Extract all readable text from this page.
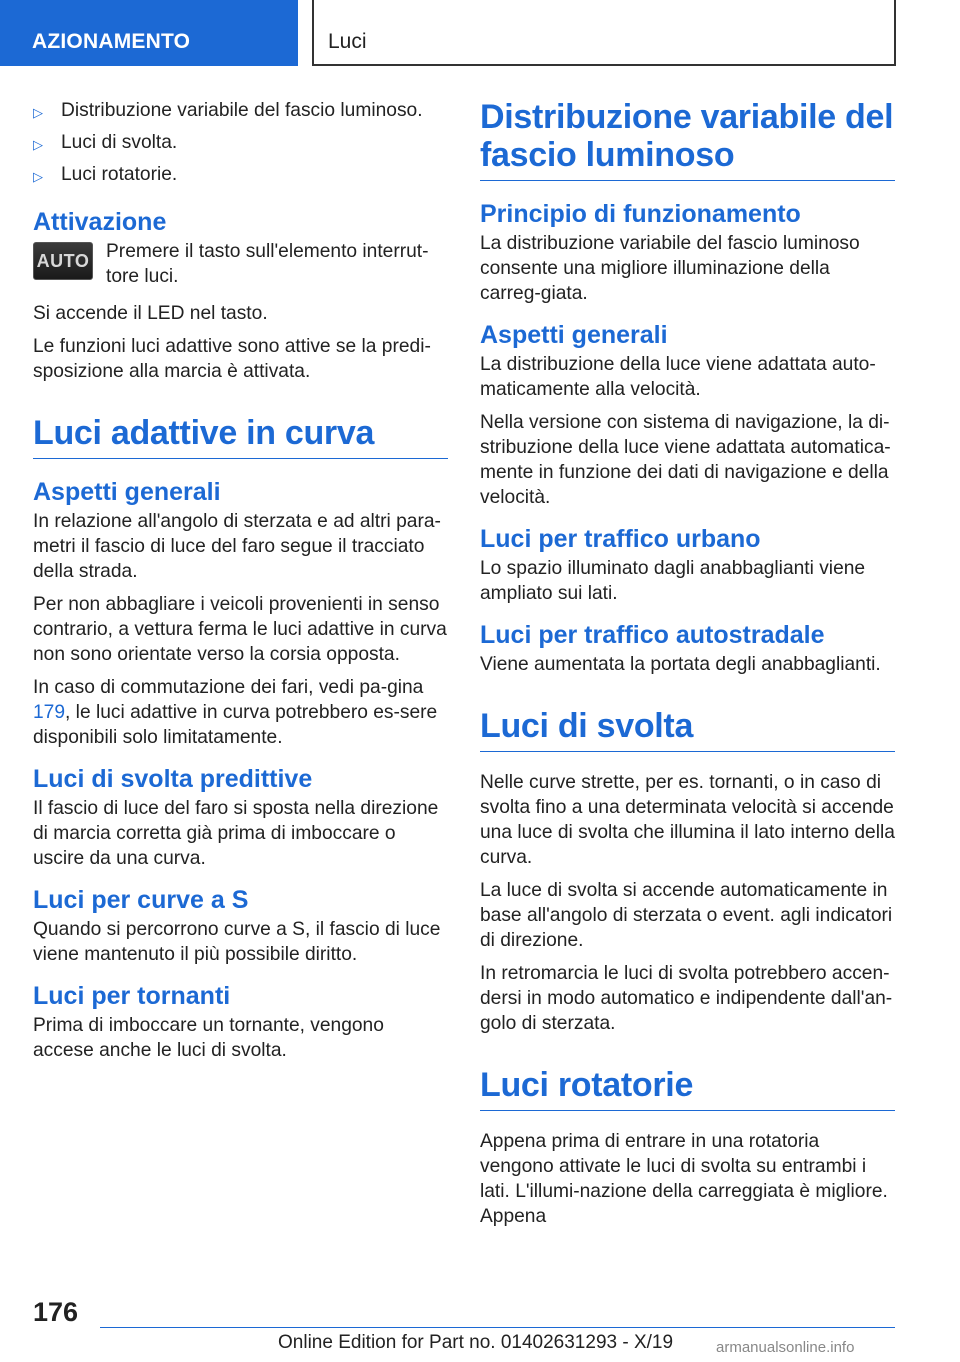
AZIONAMENTO	Luci
▷ Distribuzione variabile del fascio luminoso.
▷ Luci di svolta.
▷ Luci rotatorie.
Attivazione
AUTO Premere il tasto sull'elemento interrut-tore luci.

Si accende il LED nel tasto.

Le funzioni luci adattive sono attive se la predi-sposizione alla marcia è attivata.

Luci adattive in curva
Aspetti generali

In relazione all'angolo di sterzata e ad altri para-metri il fascio di luce del faro segue il tracciato della strada.

Per non abbagliare i veicoli provenienti in senso contrario, a vettura ferma le luci adattive in curva non sono orientate verso la corsia opposta.

In caso di commutazione dei fari, vedi pa-gina 179, le luci adattive in curva potrebbero es-sere disponibili solo limitatamente.

Luci di svolta predittive

Il fascio di luce del faro si sposta nella direzione di marcia corretta già prima di imboccare o uscire da una curva.

Luci per curve a S

Quando si percorrono curve a S, il fascio di luce viene mantenuto il più possibile diritto.

Luci per tornanti

Prima di imboccare un tornante, vengono accese anche le luci di svolta.

Distribuzione variabile del fascio luminoso
Principio di funzionamento

La distribuzione variabile del fascio luminoso consente una migliore illuminazione della carreg-giata.

Aspetti generali

La distribuzione della luce viene adattata auto-maticamente alla velocità.

Nella versione con sistema di navigazione, la di-stribuzione della luce viene adattata automatica-mente in funzione dei dati di navigazione e della velocità.

Luci per traffico urbano

Lo spazio illuminato dagli anabbaglianti viene ampliato sui lati.

Luci per traffico autostradale

Viene aumentata la portata degli anabbaglianti.

Luci di svolta

Nelle curve strette, per es. tornanti, o in caso di svolta fino a una determinata velocità si accende una luce di svolta che illumina il lato interno della curva.

La luce di svolta si accende automaticamente in base all'angolo di sterzata o event. agli indicatori di direzione.

In retromarcia le luci di svolta potrebbero accen-dersi in modo automatico e indipendente dall'an-golo di sterzata.

Luci rotatorie

Appena prima di entrare in una rotatoria vengono attivate le luci di svolta su entrambi i lati. L'illumi-nazione della carreggiata è migliore. Appena

176
Online Edition for Part no. 01402631293 - X/19	armanualsonline.info
